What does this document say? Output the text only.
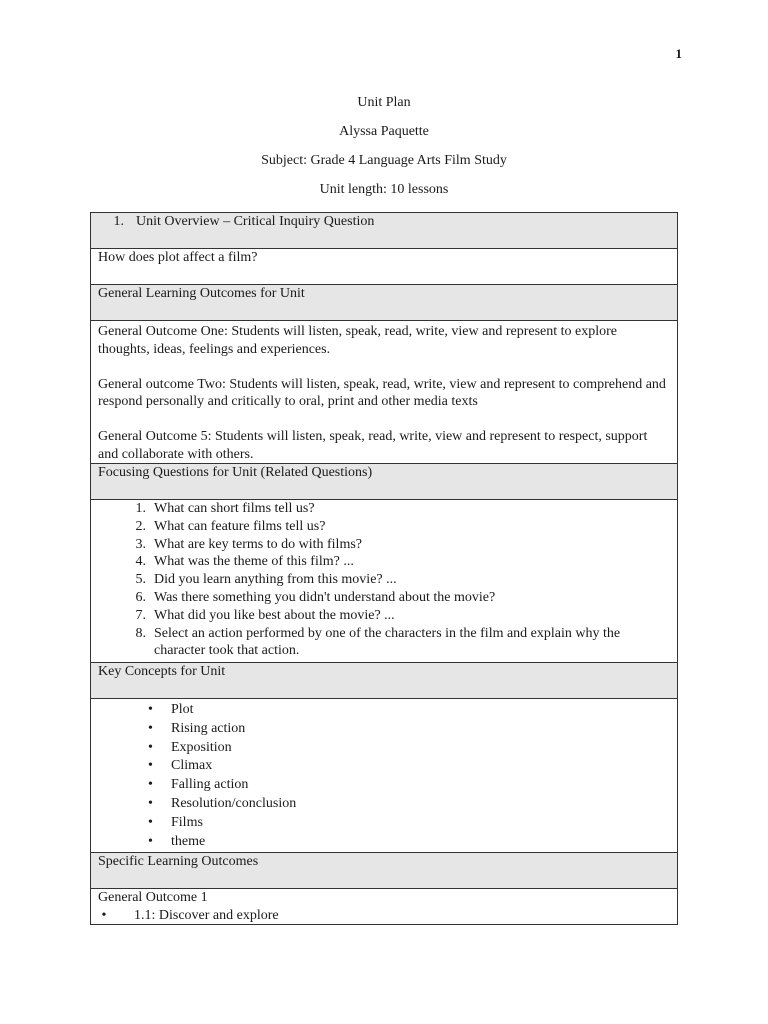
1
Unit Plan
Alyssa Paquette
Subject: Grade 4 Language Arts Film Study
Unit length: 10 lessons
1. Unit Overview – Critical Inquiry Question
How does plot affect a film?
General Learning Outcomes for Unit

General Outcome One: Students will listen, speak, read, write, view and represent to explore thoughts, ideas, feelings and experiences.

General outcome Two: Students will listen, speak, read, write, view and represent to comprehend and respond personally and critically to oral, print and other media texts

General Outcome 5: Students will listen, speak, read, write, view and represent to respect, support and collaborate with others.

Focusing Questions for Unit (Related Questions)

1. What can short films tell us?
2. What can feature films tell us?
3. What are key terms to do with films?
4. What was the theme of this film? ...
5. Did you learn anything from this movie? ...
6. Was there something you didn't understand about the movie?
7. What did you like best about the movie? ...
8. Select an action performed by one of the characters in the film and explain why the character took that action.

Key Concepts for Unit

• Plot
• Rising action
• Exposition
• Climax
• Falling action
• Resolution/conclusion
• Films
• theme

Specific Learning Outcomes

General Outcome 1
• 1.1: Discover and explore
